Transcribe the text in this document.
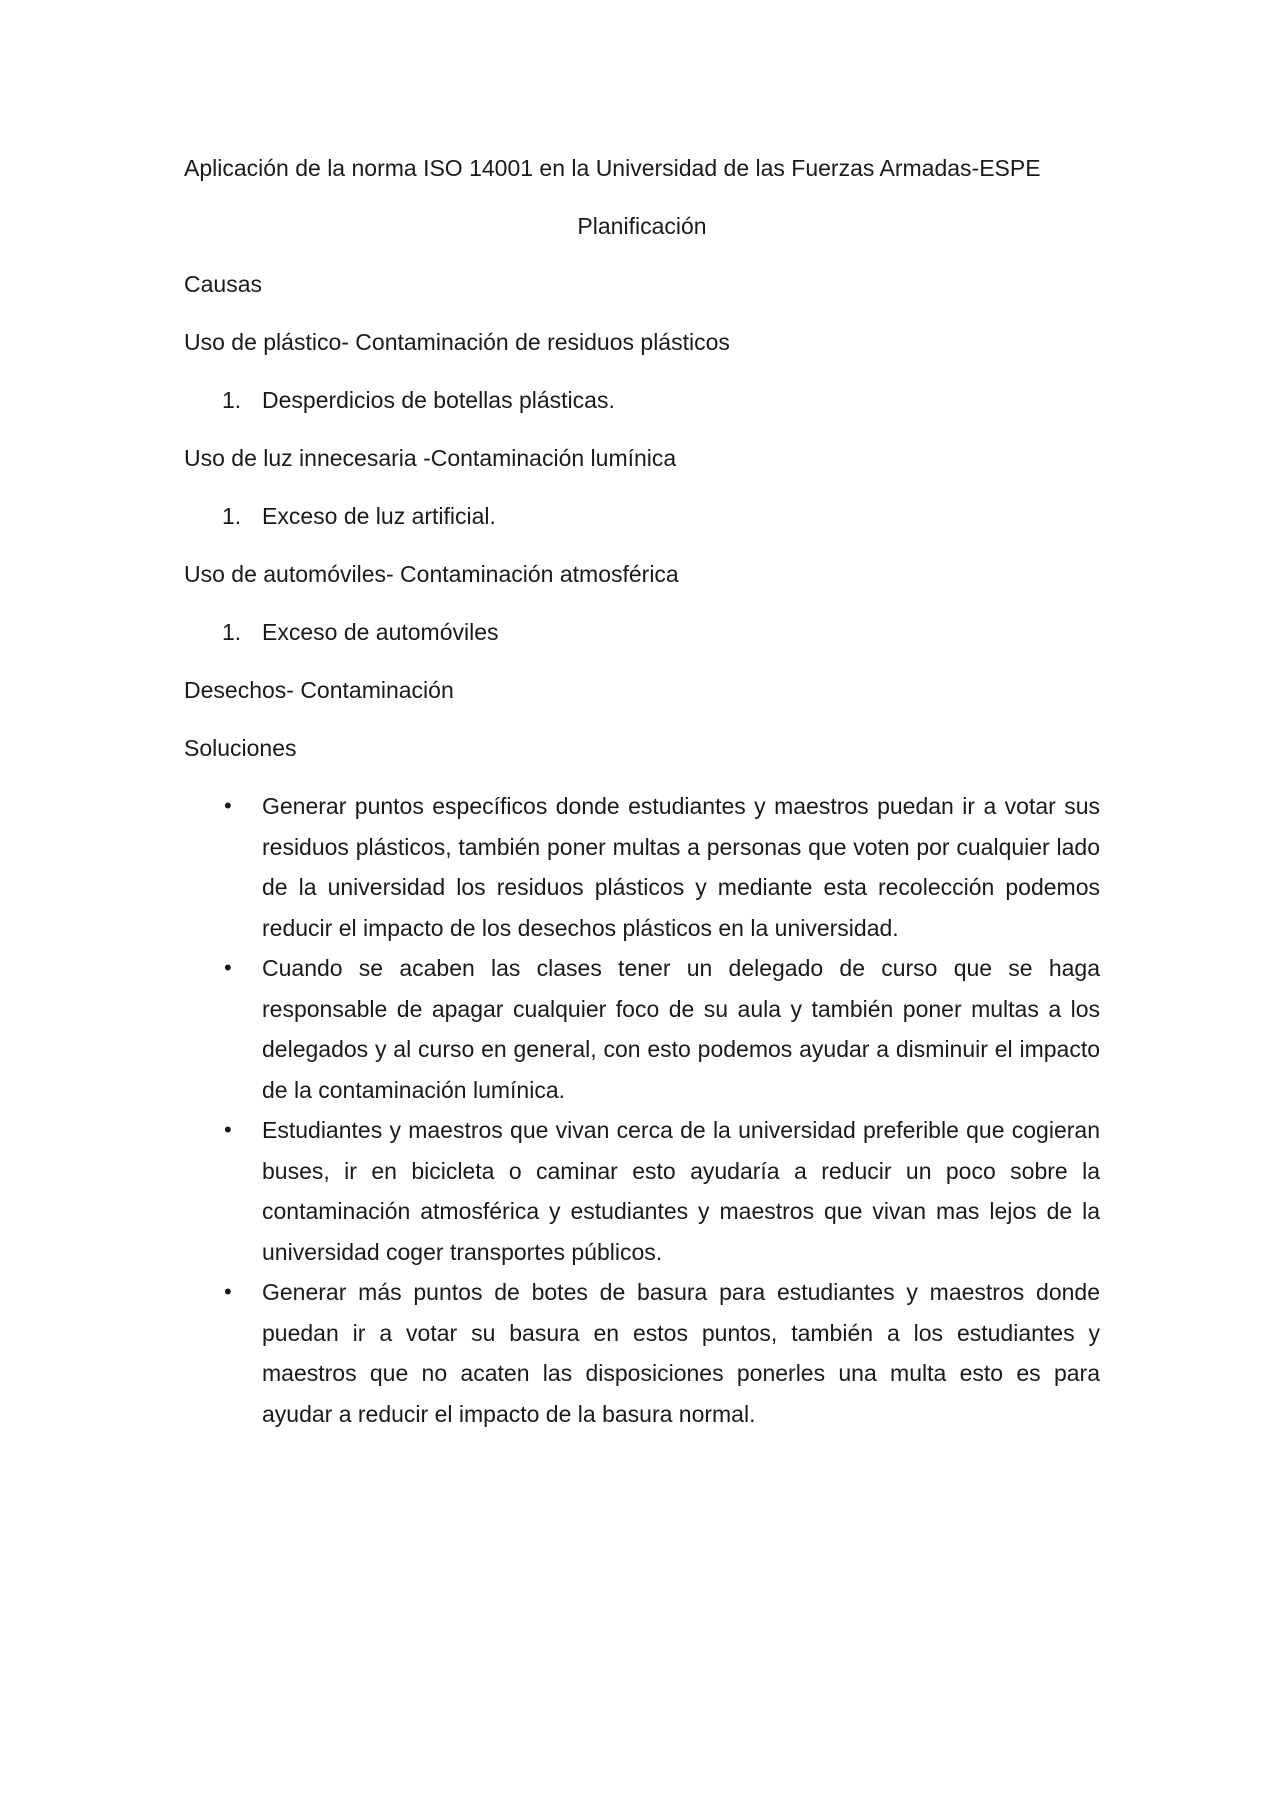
Aplicación de la norma ISO 14001 en la Universidad de las Fuerzas Armadas-ESPE

Planificación

Causas

Uso de plástico- Contaminación de residuos plásticos

1. Desperdicios de botellas plásticas.

Uso de luz innecesaria -Contaminación lumínica

1. Exceso de luz artificial.

Uso de automóviles- Contaminación atmosférica

1. Exceso de automóviles

Desechos- Contaminación

Soluciones

• Generar puntos específicos donde estudiantes y maestros puedan ir a votar sus residuos plásticos, también poner multas a personas que voten por cualquier lado de la universidad los residuos plásticos y mediante esta recolección podemos reducir el impacto de los desechos plásticos en la universidad.
• Cuando se acaben las clases tener un delegado de curso que se haga responsable de apagar cualquier foco de su aula y también poner multas a los delegados y al curso en general, con esto podemos ayudar a disminuir el impacto de la contaminación lumínica.
• Estudiantes y maestros que vivan cerca de la universidad preferible que cogieran buses, ir en bicicleta o caminar esto ayudaría a reducir un poco sobre la contaminación atmosférica y estudiantes y maestros que vivan mas lejos de la universidad coger transportes públicos.
• Generar más puntos de botes de basura para estudiantes y maestros donde puedan ir a votar su basura en estos puntos, también a los estudiantes y maestros que no acaten las disposiciones ponerles una multa esto es para ayudar a reducir el impacto de la basura normal.
